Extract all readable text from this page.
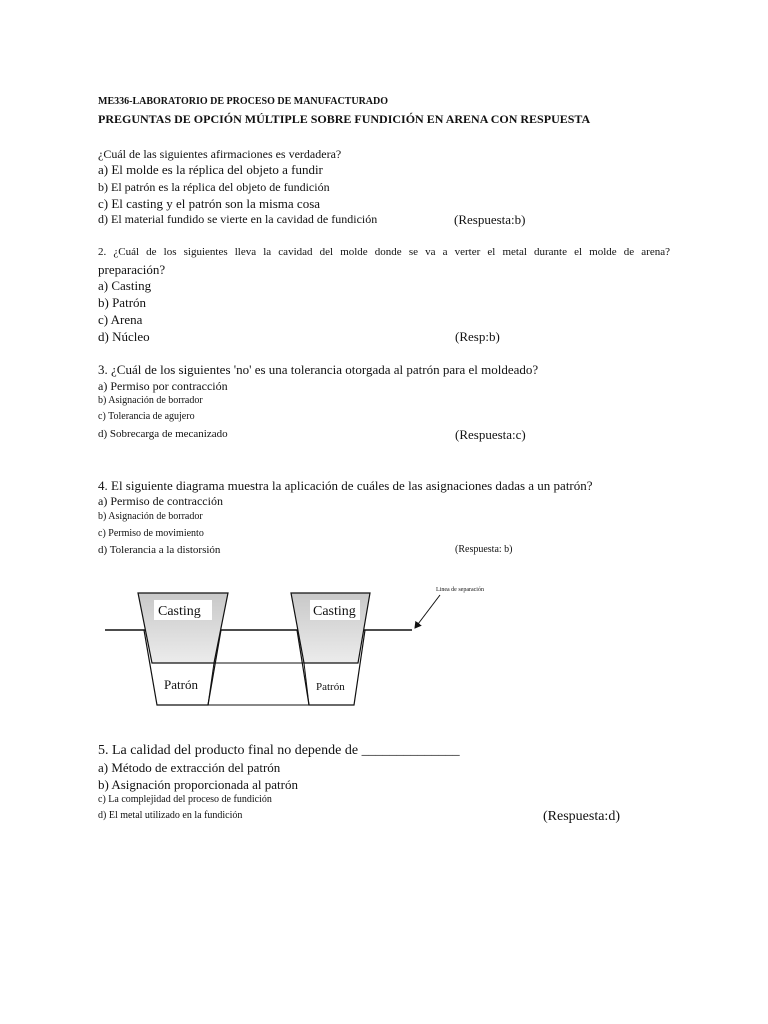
ME336-LABORATORIO DE PROCESO DE MANUFACTURADO
PREGUNTAS DE OPCIÓN MÚLTIPLE SOBRE FUNDICIÓN EN ARENA CON RESPUESTA
¿Cuál de las siguientes afirmaciones es verdadera?
a) El molde es la réplica del objeto a fundir
b) El patrón es la réplica del objeto de fundición
c) El casting y el patrón son la misma cosa
d) El material fundido se vierte en la cavidad de fundición	(Respuesta:b)
2. ¿Cuál de los siguientes lleva la cavidad del molde donde se va a verter el metal durante el molde de arena?
preparación?
a) Casting
b) Patrón
c) Arena
d) Núcleo	(Resp:b)
3. ¿Cuál de los siguientes 'no' es una tolerancia otorgada al patrón para el moldeado?
a) Permiso por contracción
b) Asignación de borrador
c) Tolerancia de agujero
d) Sobrecarga de mecanizado	(Respuesta:c)
4. El siguiente diagrama muestra la aplicación de cuáles de las asignaciones dadas a un patrón?
a) Permiso de contracción
b) Asignación de borrador
c) Permiso de movimiento
d) Tolerancia a la distorsión	(Respuesta: b)
Casting	Casting
Patrón	Patrón
Linea de separación
5. La calidad del producto final no depende de ______________
a) Método de extracción del patrón
b) Asignación proporcionada al patrón
c) La complejidad del proceso de fundición
d) El metal utilizado en la fundición	(Respuesta:d)
